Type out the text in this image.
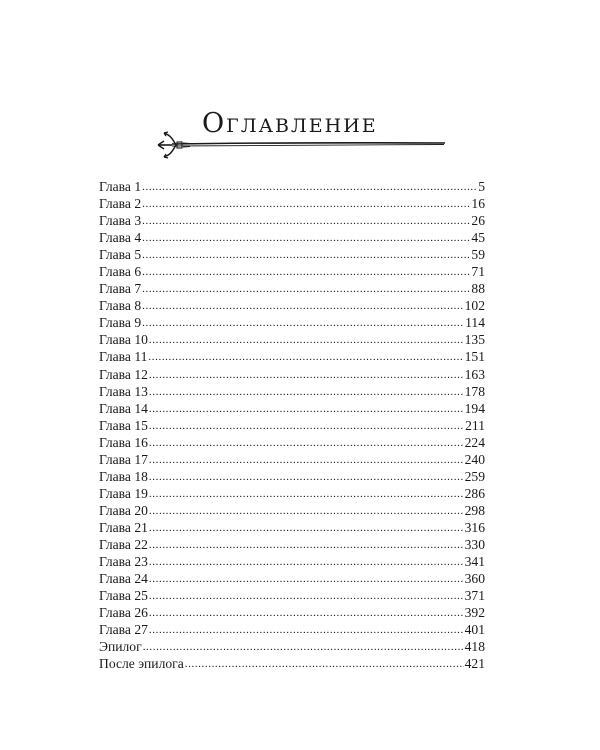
Оглавление
Глава 1 .....	5
Глава 2 .....	16
Глава 3 .....	26
Глава 4 .....	45
Глава 5 .....	59
Глава 6 .....	71
Глава 7 .....	88
Глава 8 .....	102
Глава 9 .....	114
Глава 10 .....	135
Глава 11 .....	151
Глава 12 .....	163
Глава 13 .....	178
Глава 14 .....	194
Глава 15 .....	211
Глава 16 .....	224
Глава 17 .....	240
Глава 18 .....	259
Глава 19 .....	286
Глава 20 .....	298
Глава 21 .....	316
Глава 22 .....	330
Глава 23 .....	341
Глава 24 .....	360
Глава 25 .....	371
Глава 26 .....	392
Глава 27 .....	401
Эпилог .....	418
После эпилога .....	421
